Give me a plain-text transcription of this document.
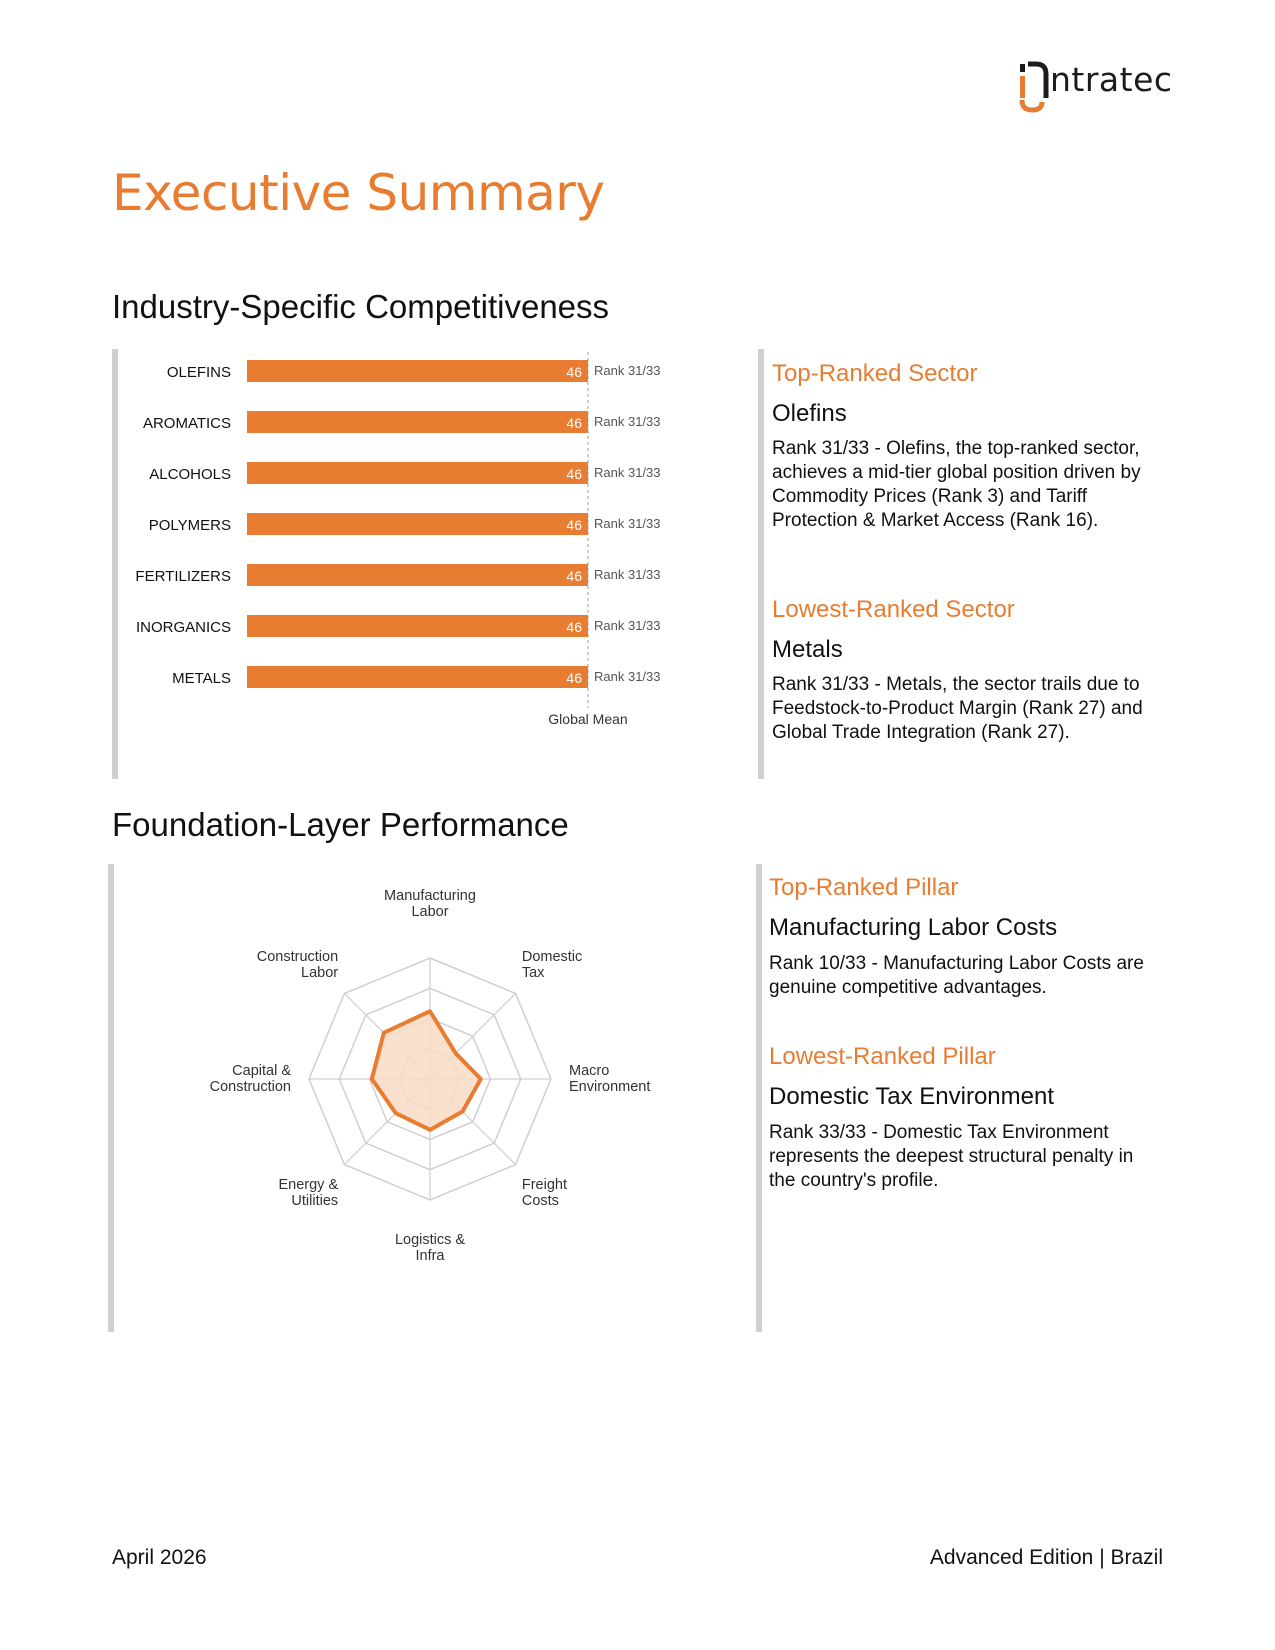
ntratec
Executive Summary
Industry-Specific Competitiveness
OLEFINS	46 Rank 31/33
AROMATICS	46 Rank 31/33
ALCOHOLS	46 Rank 31/33
POLYMERS	46 Rank 31/33
FERTILIZERS	46 Rank 31/33
INORGANICS	46 Rank 31/33
METALS	46 Rank 31/33
Global Mean
Top-Ranked Sector
Olefins
Rank 31/33 - Olefins, the top-ranked sector, achieves a mid-tier global position driven by Commodity Prices (Rank 3) and Tariff Protection & Market Access (Rank 16).
Lowest-Ranked Sector
Metals
Rank 31/33 - Metals, the sector trails due to Feedstock-to-Product Margin (Rank 27) and Global Trade Integration (Rank 27).
Foundation-Layer Performance
Manufacturing Labor
Domestic Tax
Macro Environment
Freight Costs
Logistics & Infra
Energy & Utilities
Capital & Construction
Construction Labor
Top-Ranked Pillar
Manufacturing Labor Costs
Rank 10/33 - Manufacturing Labor Costs are genuine competitive advantages.
Lowest-Ranked Pillar
Domestic Tax Environment
Rank 33/33 - Domestic Tax Environment represents the deepest structural penalty in the country's profile.
April 2026	Advanced Edition | Brazil
